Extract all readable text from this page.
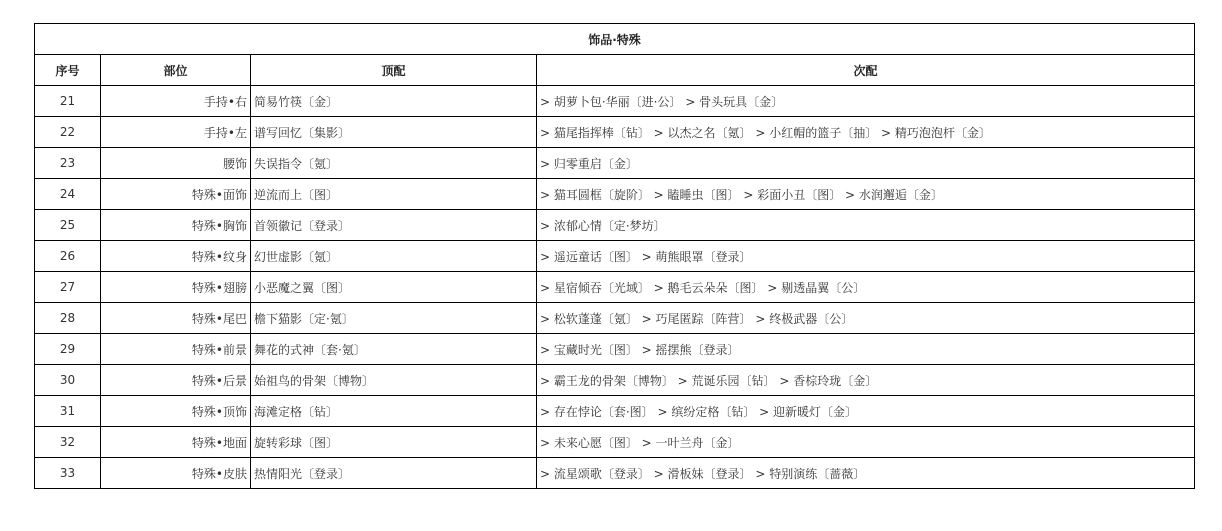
饰品·特殊			
序号	部位	顶配	次配
21	手持•右	简易竹筷〔金〕	> 胡萝卜包·华丽〔进·公〕 > 骨头玩具〔金〕
22	手持•左	谱写回忆〔集影〕	> 猫尾指挥棒〔钻〕 > 以杰之名〔氪〕 > 小红帽的篮子〔抽〕 > 精巧泡泡杆〔金〕
23	腰饰	失误指令〔氪〕	> 归零重启〔金〕
24	特殊•面饰	逆流而上〔图〕	> 猫耳圆框〔旋阶〕 > 瞌睡虫〔图〕 > 彩面小丑〔图〕 > 水润邂逅〔金〕
25	特殊•胸饰	首领徽记〔登录〕	> 浓郁心情〔定·梦坊〕
26	特殊•纹身	幻世虚影〔氪〕	> 遥远童话〔图〕 > 萌熊眼罩〔登录〕
27	特殊•翅膀	小恶魔之翼〔图〕	> 星宿倾吞〔光域〕 > 鹅毛云朵朵〔图〕 > 剔透晶翼〔公〕
28	特殊•尾巴	檐下猫影〔定·氪〕	> 松软蓬蓬〔氪〕 > 巧尾匿踪〔阵营〕 > 终极武器〔公〕
29	特殊•前景	舞花的式神〔套·氪〕	> 宝藏时光〔图〕 > 摇摆熊〔登录〕
30	特殊•后景	始祖鸟的骨架〔博物〕	> 霸王龙的骨架〔博物〕 > 荒诞乐园〔钻〕 > 香棕玲珑〔金〕
31	特殊•顶饰	海滩定格〔钻〕	> 存在悖论〔套·图〕 > 缤纷定格〔钻〕 > 迎新暖灯〔金〕
32	特殊•地面	旋转彩球〔图〕	> 未来心愿〔图〕 > 一叶兰舟〔金〕
33	特殊•皮肤	热情阳光〔登录〕	> 流星颂歌〔登录〕 > 滑板妹〔登录〕 > 特别演练〔蔷薇〕
